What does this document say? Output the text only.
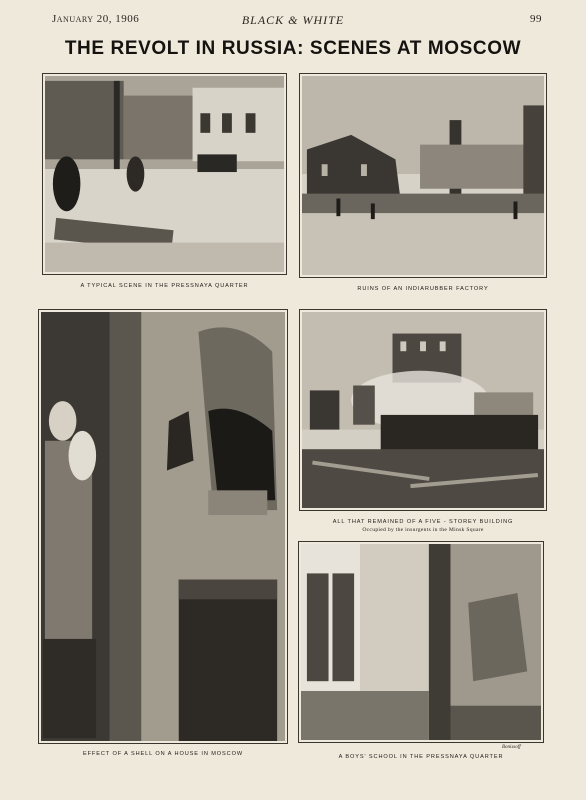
January 20, 1906	BLACK & WHITE	99
THE REVOLT IN RUSSIA: SCENES AT MOSCOW
A TYPICAL SCENE IN THE PRESSNAYA QUARTER	RUINS OF AN INDIARUBBER FACTORY
EFFECT OF A SHELL ON A HOUSE IN MOSCOW
ALL THAT REMAINED OF A FIVE - STOREY BUILDING
Occupied by the insurgents in the Minsk Square
Bonissoff
A BOYS' SCHOOL IN THE PRESSNAYA QUARTER
